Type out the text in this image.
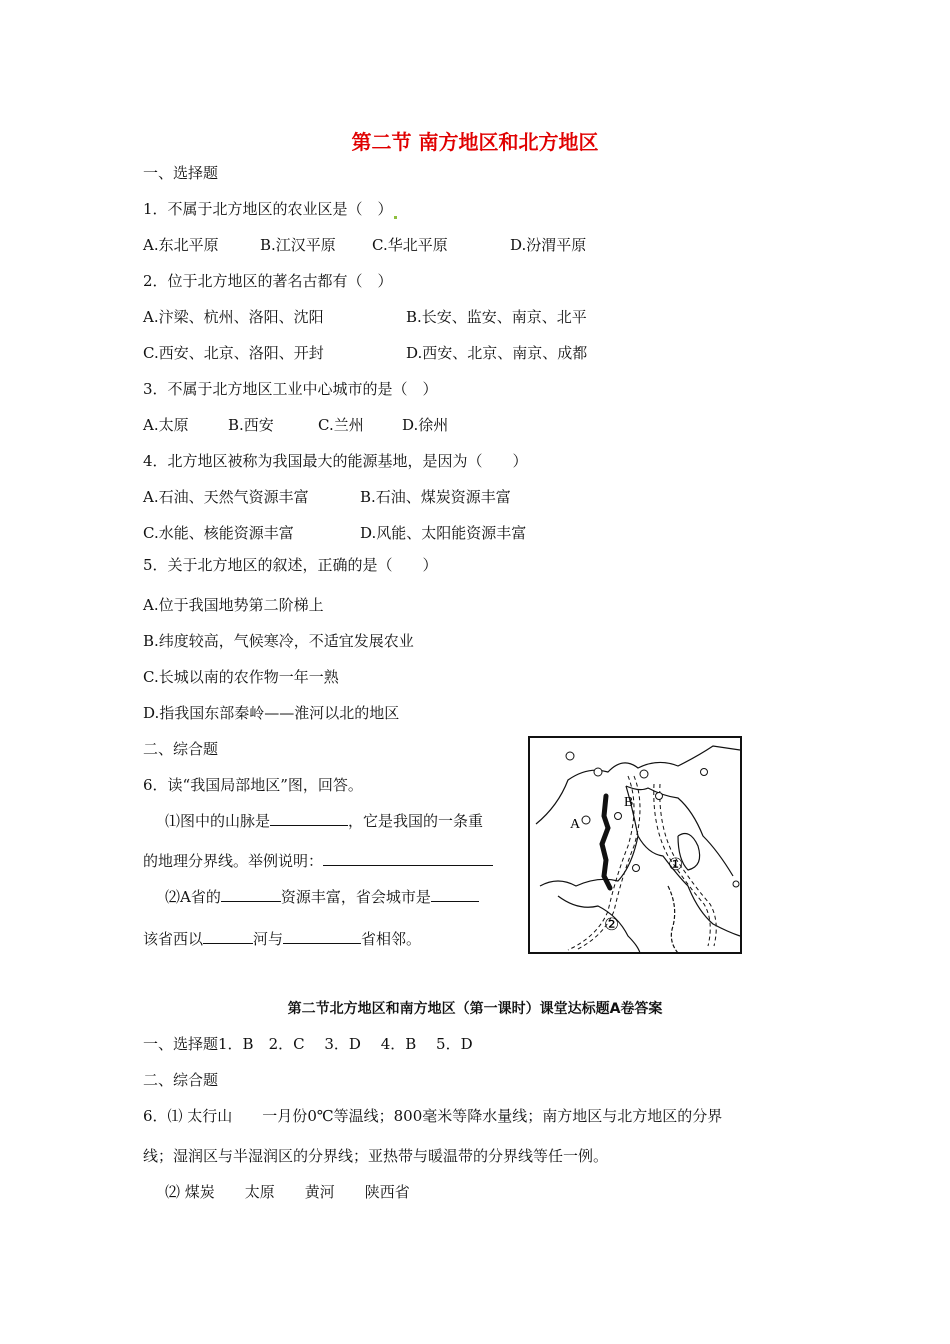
第二节 南方地区和北方地区
一、选择题
1．不属于北方地区的农业区是（　）
A.东北平原	B.江汉平原 C.华北平原	D.汾渭平原
2．位于北方地区的著名古都有（　）
A.汴梁、杭州、洛阳、沈阳	B.长安、监安、南京、北平
C.西安、北京、洛阳、开封	D.西安、北京、南京、成都
3．不属于北方地区工业中心城市的是（　）
A.太原	B.西安	C.兰州	D.徐州
4．北方地区被称为我国最大的能源基地，是因为（　　）
A.石油、天然气资源丰富	B.石油、煤炭资源丰富
C.水能、核能资源丰富	D.风能、太阳能资源丰富
5．关于北方地区的叙述，正确的是（　　）
A.位于我国地势第二阶梯上
B.纬度较高，气候寒冷，不适宜发展农业
C.长城以南的农作物一年一熟
D.指我国东部秦岭——淮河以北的地区
二、综合题
6．读“我国局部地区”图，回答。
⑴图中的山脉是	，它是我国的一条重
的地理分界线。举例说明：
⑵A省的	资源丰富，省会城市是
该省西以	河与	省相邻。
A
B
①
②
第二节北方地区和南方地区（第一课时）课堂达标题A卷答案
一、选择题1．B　2．C　 3．D　 4．B　 5．D
二、综合题
6．⑴ 太行山　　一月份0℃等温线；800毫米等降水量线；南方地区与北方地区的分界
线；湿润区与半湿润区的分界线；亚热带与暖温带的分界线等任一例。
⑵ 煤炭　　太原　　黄河　　陕西省
